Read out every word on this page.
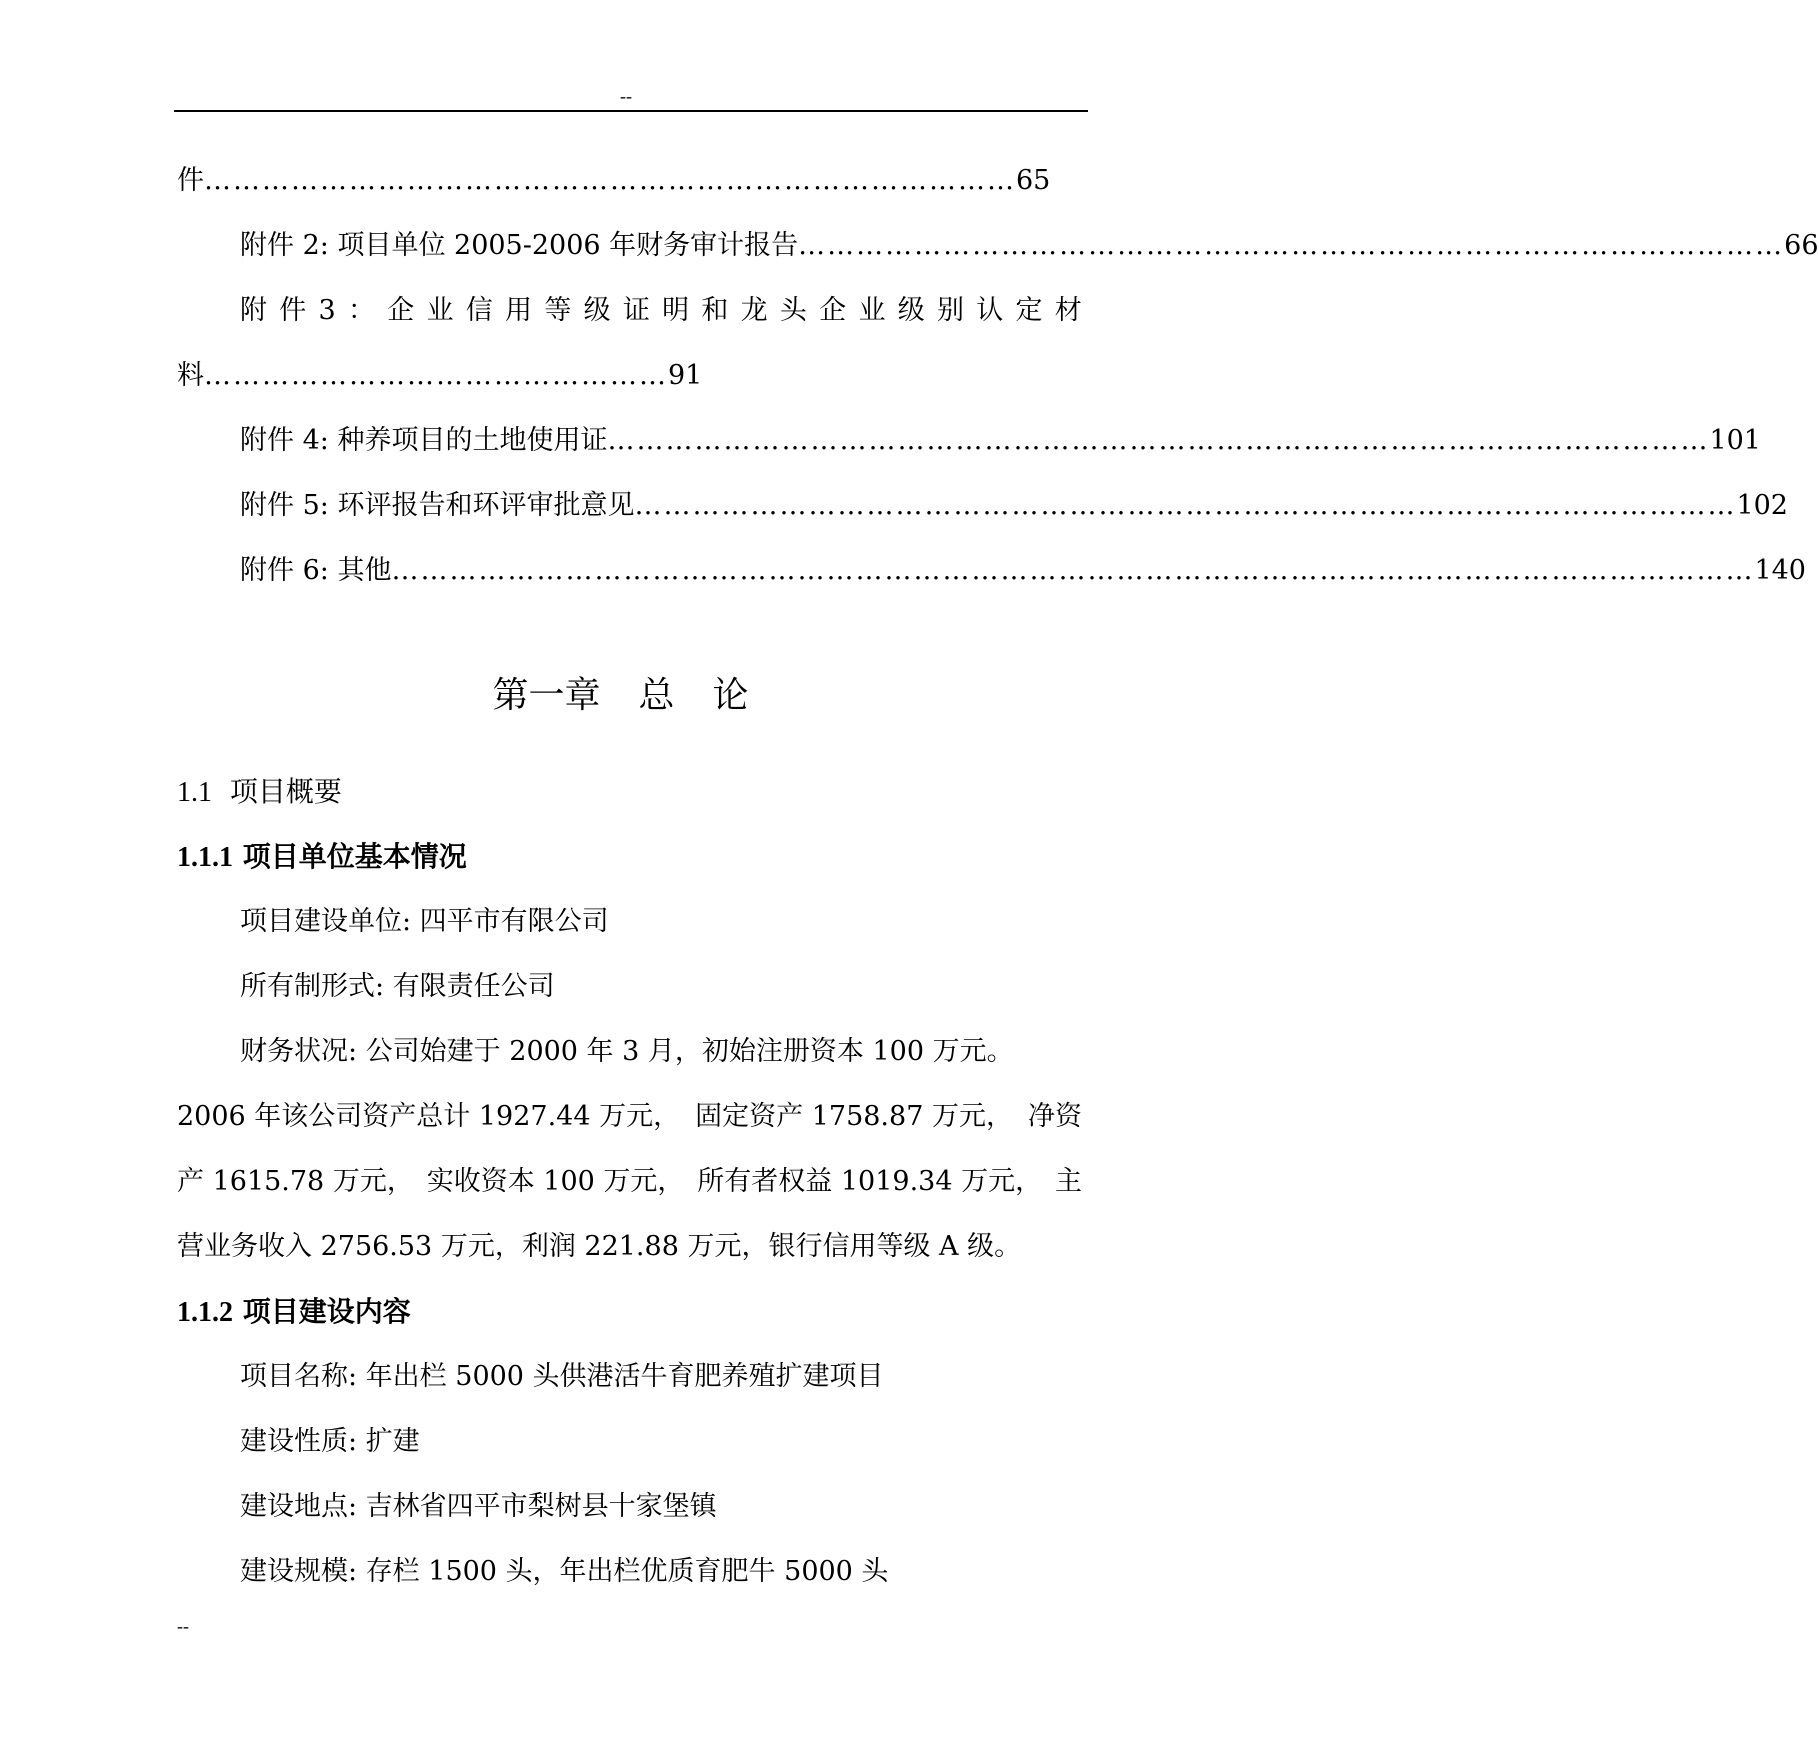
--
件 ………………………………………………………………………… 65
附件 2: 项目单位 2005-2006 年财务审计报告 ………………………………………………………………………………………… 66
附 件 3 ： 企 业 信 用 等 级 证 明 和 龙 头 企 业 级 别 认 定 材
料 ………………………………………… 91
附件 4: 种养项目的土地使用证 …………………………………………………………………………………………………… 101
附件 5: 环评报告和环评审批意见 …………………………………………………………………………………………………… 102
附件 6: 其他 …………………………………………………………………………………………………………………………… 140
第一章 总 论
1.1 项目概要
1.1.1 项目单位基本情况
项目建设单位: 四平市有限公司
所有制形式: 有限责任公司
财务状况: 公司始建于 2000 年 3 月，初始注册资本 100 万元。
2006 年该公司资产总计 1927.44 万元， 固定资产 1758.87 万元， 净资
产 1615.78 万元， 实收资本 100 万元， 所有者权益 1019.34 万元， 主
营业务收入 2756.53 万元，利润 221.88 万元，银行信用等级 A 级。
1.1.2 项目建设内容
项目名称: 年出栏 5000 头供港活牛育肥养殖扩建项目
建设性质: 扩建
建设地点: 吉林省四平市梨树县十家堡镇
建设规模: 存栏 1500 头，年出栏优质育肥牛 5000 头
--
